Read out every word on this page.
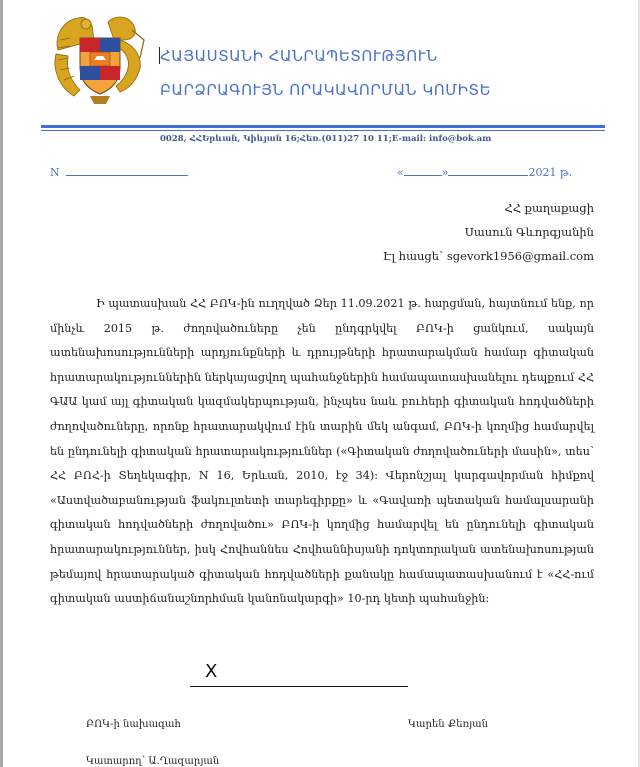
ՀԱՅԱՍՏԱՆԻ ՀԱՆՐԱՊԵՏՈՒԹՅՈՒՆ
ԲԱՐՁՐԱԳՈՒՅՆ ՈՐԱԿԱՎՈՐՄԱՆ ԿՈՄԻՏԵ
0028, ՀՀԵրևան, Կիևյան 16;Հեռ.(011)27 10 11;E-mail: info@bok.am
N	«	»	2021 թ.
ՀՀ քաղաքացի
Սասուն Գևորգյանին
Էլ հասցե՝ sgevork1956@gmail.com
Ի պատասխան ՀՀ ԲՈԿ-ին ուղղված Ձեր 11.09.2021 թ. հարցման, հայտնում ենք, որ մինչև 2015 թ. ժողովածուները չեն ընդգրկվել ԲՈԿ-ի ցանկում, սակայն ատենախոսությունների արդյունքների և դրույթների հրատարակման համար գիտական հրատարակություններին ներկայացվող պահանջներին համապատասխանելու դեպքում ՀՀ ԳԱԱ կամ այլ գիտական կազմակերպության, ինչպես նաև բուհերի գիտական հոդվածների ժողովածուները, որոնք հրատարակվում էին տարին մեկ անգամ, ԲՈԿ-ի կողմից համարվել են ընդունելի գիտական հրատարակություններ («Գիտական ժողովածուների մասին», տես՝ ՀՀ ԲՈՀ-ի Տեղեկագիր, N 16, Երևան, 2010, էջ 34): Վերոնշյալ կարգավորման հիմքով «Աստվածաբանության ֆակուլտետի տարեգիրքը» և «Գավառի պետական համալսարանի գիտական հոդվածների ժողովածու» ԲՈԿ-ի կողմից համարվել են ընդունելի գիտական հրատարակություններ, իսկ Հովհաննես Հովհաննիսյանի դոկտորական ատենախոսության թեմայով հրատարակած գիտական հոդվածների քանակը համապատասխանում է «ՀՀ-ում գիտական աստիճանաշնորհման կանոնակարգի» 10-րդ կետի պահանջին:
X
ԲՈԿ-ի նախագահ	Կարեն Քեռյան
Կատարող՝ Ա.Ղազարյան
